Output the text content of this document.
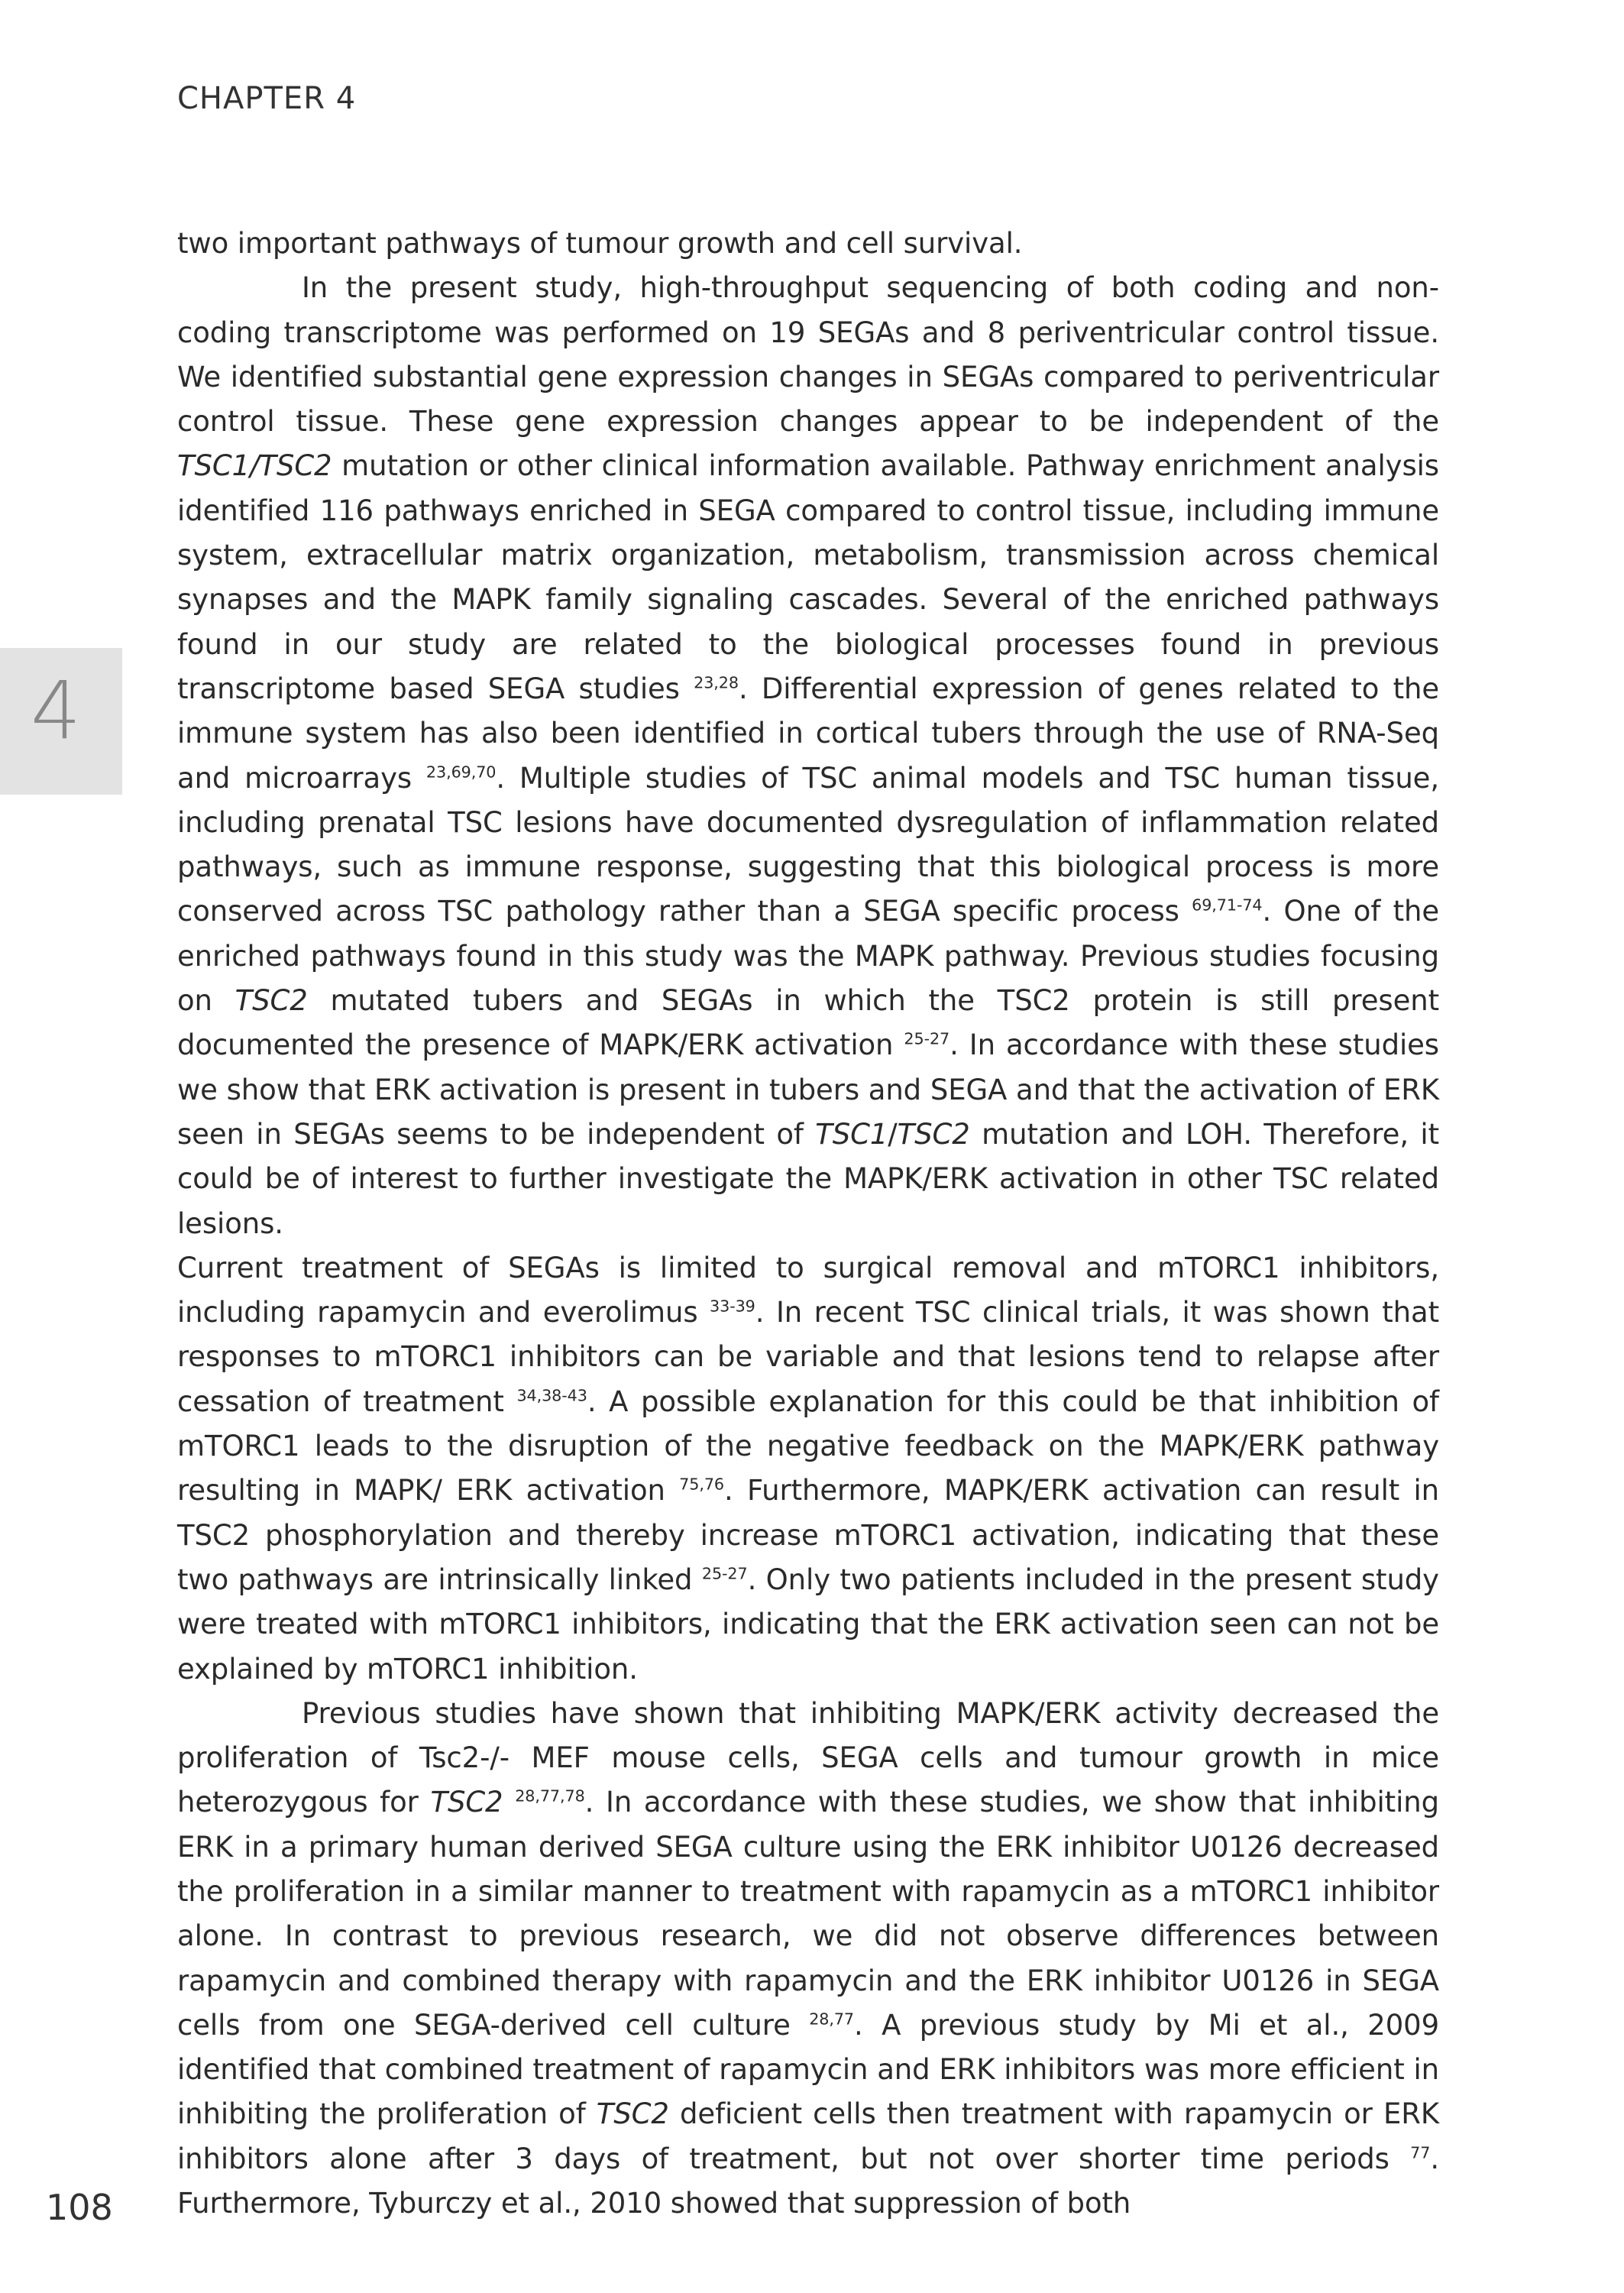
CHAPTER 4
4

two important pathways of tumour growth and cell survival.

In the present study, high-throughput sequencing of both coding and non-coding transcriptome was performed on 19 SEGAs and 8 periventricular control tissue. We identified substantial gene expression changes in SEGAs compared to periventricular control tissue. These gene expression changes appear to be independent of the TSC1/TSC2 mutation or other clinical information available. Pathway enrichment analysis identified 116 pathways enriched in SEGA compared to control tissue, including immune system, extracellular matrix organization, metabolism, transmission across chemical synapses and the MAPK family signaling cascades. Several of the enriched pathways found in our study are related to the biological processes found in previous transcriptome based SEGA studies $^{23,28}$. Differential expression of genes related to the immune system has also been identified in cortical tubers through the use of RNA-Seq and microarrays $^{23,69,70}$. Multiple studies of TSC animal models and TSC human tissue, including prenatal TSC lesions have documented dysregulation of inflammation related pathways, such as immune response, suggesting that this biological process is more conserved across TSC pathology rather than a SEGA specific process $^{69,71-74}$. One of the enriched pathways found in this study was the MAPK pathway. Previous studies focusing on TSC2 mutated tubers and SEGAs in which the TSC2 protein is still present documented the presence of MAPK/ERK activation $^{25-27}$. In accordance with these studies we show that ERK activation is present in tubers and SEGA and that the activation of ERK seen in SEGAs seems to be independent of TSC1/TSC2 mutation and LOH. Therefore, it could be of interest to further investigate the MAPK/ERK activation in other TSC related lesions.

Current treatment of SEGAs is limited to surgical removal and mTORC1 inhibitors, including rapamycin and everolimus $^{33-39}$. In recent TSC clinical trials, it was shown that responses to mTORC1 inhibitors can be variable and that lesions tend to relapse after cessation of treatment $^{34,38-43}$. A possible explanation for this could be that inhibition of mTORC1 leads to the disruption of the negative feedback on the MAPK/ERK pathway resulting in MAPK/ ERK activation $^{75,76}$. Furthermore, MAPK/ERK activation can result in TSC2 phosphorylation and thereby increase mTORC1 activation, indicating that these two pathways are intrinsically linked $^{25-27}$. Only two patients included in the present study were treated with mTORC1 inhibitors, indicating that the ERK activation seen can not be explained by mTORC1 inhibition.

Previous studies have shown that inhibiting MAPK/ERK activity decreased the proliferation of Tsc2-/- MEF mouse cells, SEGA cells and tumour growth in mice heterozygous for TSC2 $^{28,77,78}$. In accordance with these studies, we show that inhibiting ERK in a primary human derived SEGA culture using the ERK inhibitor U0126 decreased the proliferation in a similar manner to treatment with rapamycin as a mTORC1 inhibitor alone. In contrast to previous research, we did not observe differences between rapamycin and combined therapy with rapamycin and the ERK inhibitor U0126 in SEGA cells from one SEGA-derived cell culture $^{28,77}$. A previous study by Mi et al., 2009 identified that combined treatment of rapamycin and ERK inhibitors was more efficient in inhibiting the proliferation of TSC2 deficient cells then treatment with rapamycin or ERK inhibitors alone after 3 days of treatment, but not over shorter time periods $^{77}$. Furthermore, Tyburczy et al., 2010 showed that suppression of both

108
